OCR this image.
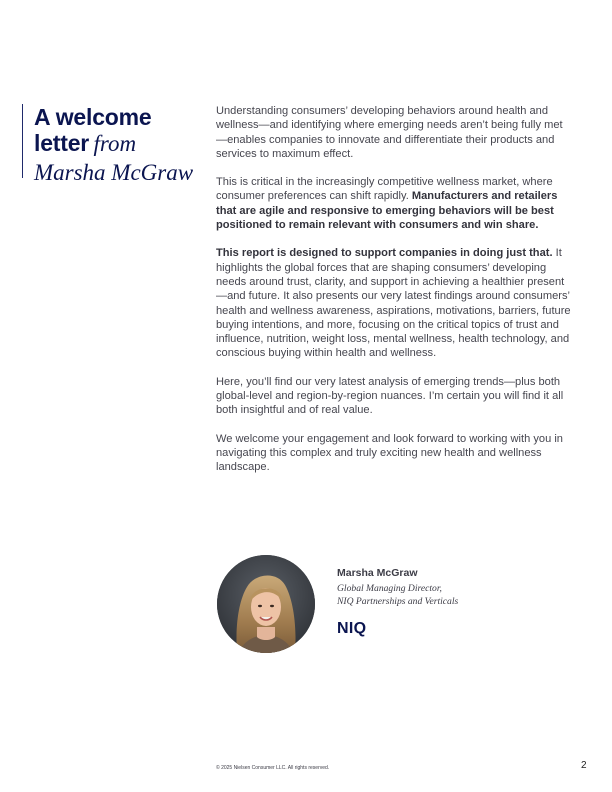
A welcome
letter from
Marsha McGraw

Understanding consumers’ developing behaviors around health and wellness—and identifying where emerging needs aren’t being fully met—enables companies to innovate and differentiate their products and services to maximum effect.

This is critical in the increasingly competitive wellness market, where consumer preferences can shift rapidly. Manufacturers and retailers that are agile and responsive to emerging behaviors will be best positioned to remain relevant with consumers and win share.

This report is designed to support companies in doing just that. It highlights the global forces that are shaping consumers’ developing needs around trust, clarity, and support in achieving a healthier present—and future. It also presents our very latest findings around consumers’ health and wellness awareness, aspirations, motivations, barriers, future buying intentions, and more, focusing on the critical topics of trust and influence, nutrition, weight loss, mental wellness, health technology, and conscious buying within health and wellness.

Here, you’ll find our very latest analysis of emerging trends—plus both global-level and region-by-region nuances. I’m certain you will find it all both insightful and of real value.

We welcome your engagement and look forward to working with you in navigating this complex and truly exciting new health and wellness landscape.

Marsha McGraw
Global Managing Director,
NIQ Partnerships and Verticals
NIQ
© 2025 Nielsen Consumer LLC. All rights reserved.	2
